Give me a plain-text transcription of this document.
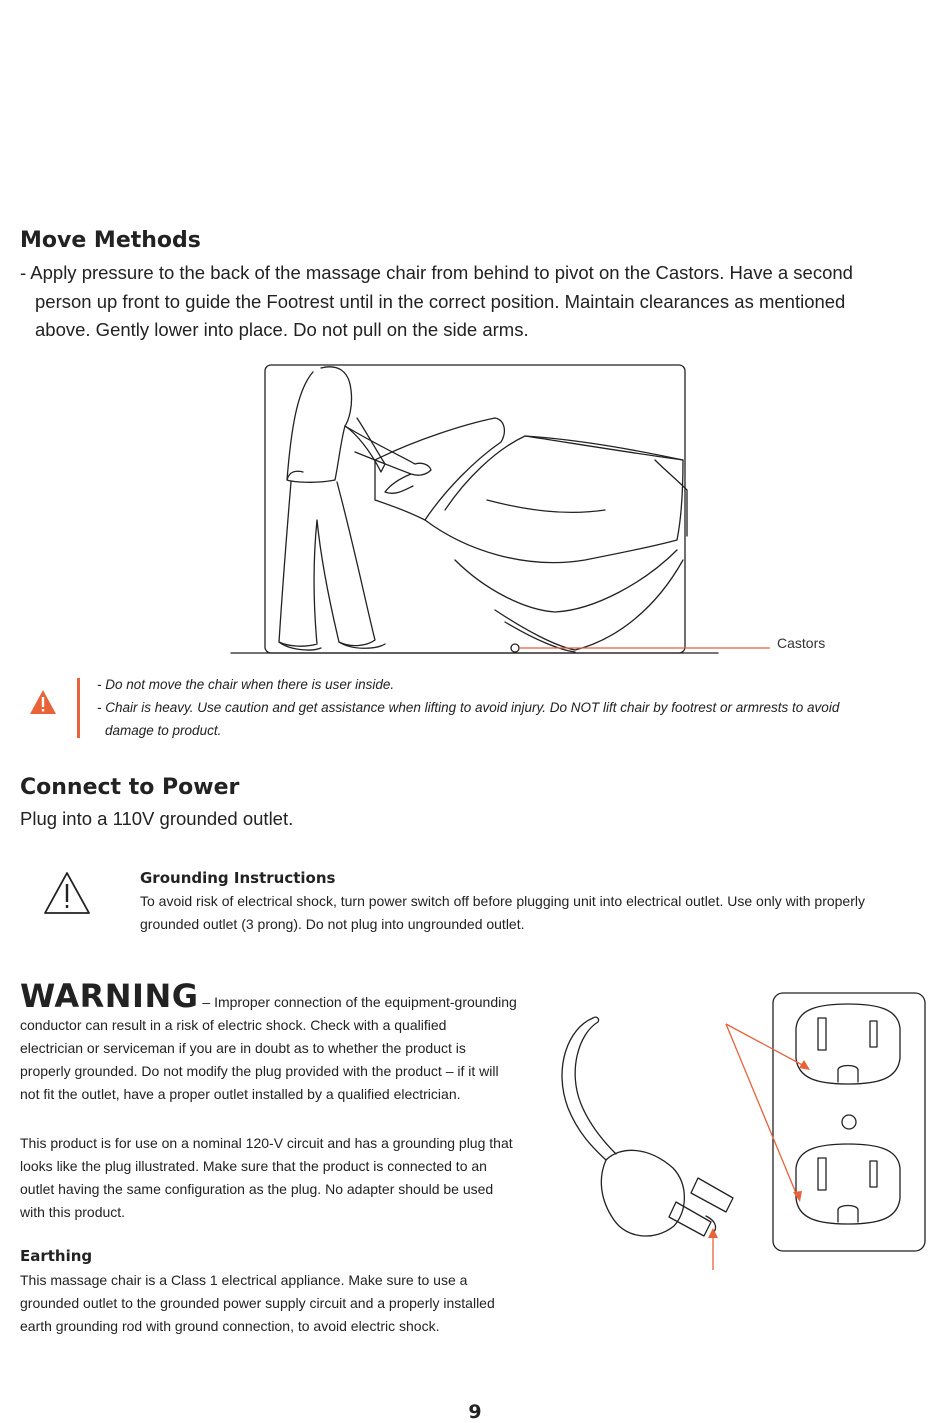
Move Methods
- Apply pressure to the back of the massage chair from behind to pivot on the Castors. Have a second
person up front to guide the Footrest until in the correct position. Maintain clearances as mentioned
above. Gently lower into place. Do not pull on the side arms.
Castors
- Do not move the chair when there is user inside.
- Chair is heavy. Use caution and get assistance when lifting to avoid injury. Do NOT lift chair by footrest or armrests to avoid
damage to product.
Connect to Power
Plug into a 110V grounded outlet.
Grounding Instructions
To avoid risk of electrical shock, turn power switch off before plugging unit into electrical outlet. Use only with properly
grounded outlet (3 prong). Do not plug into ungrounded outlet.
WARNING – Improper connection of the equipment-grounding
conductor can result in a risk of electric shock. Check with a qualified
electrician or serviceman if you are in doubt as to whether the product is
properly grounded. Do not modify the plug provided with the product – if it will
not fit the outlet, have a proper outlet installed by a qualified electrician.
This product is for use on a nominal 120-V circuit and has a grounding plug that
looks like the plug illustrated. Make sure that the product is connected to an
outlet having the same configuration as the plug. No adapter should be used
with this product.
Earthing
This massage chair is a Class 1 electrical appliance. Make sure to use a
grounded outlet to the grounded power supply circuit and a properly installed
earth grounding rod with ground connection, to avoid electric shock.
9
